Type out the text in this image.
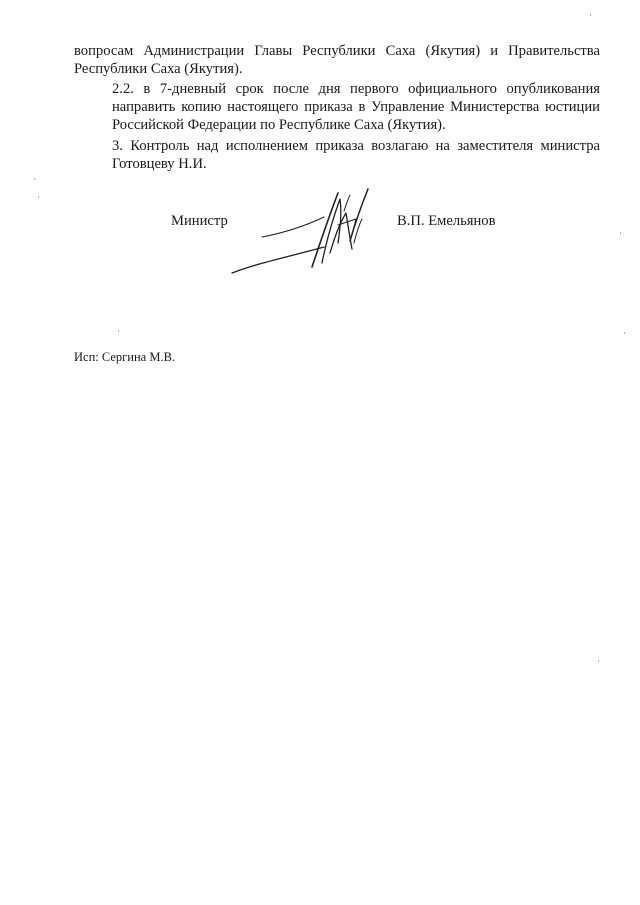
вопросам Администрации Главы Республики Саха (Якутия) и Правительства
Республики Саха (Якутия).

2.2. в 7-дневный срок после дня первого официального опубликования
направить копию настоящего приказа в Управление Министерства юстиции
Российской Федерации по Республике Саха (Якутия).

3. Контроль над исполнением приказа возлагаю на заместителя министра
Готовцеву Н.И.

Министр	В.П. Емельянов
Исп: Сергина М.В.
